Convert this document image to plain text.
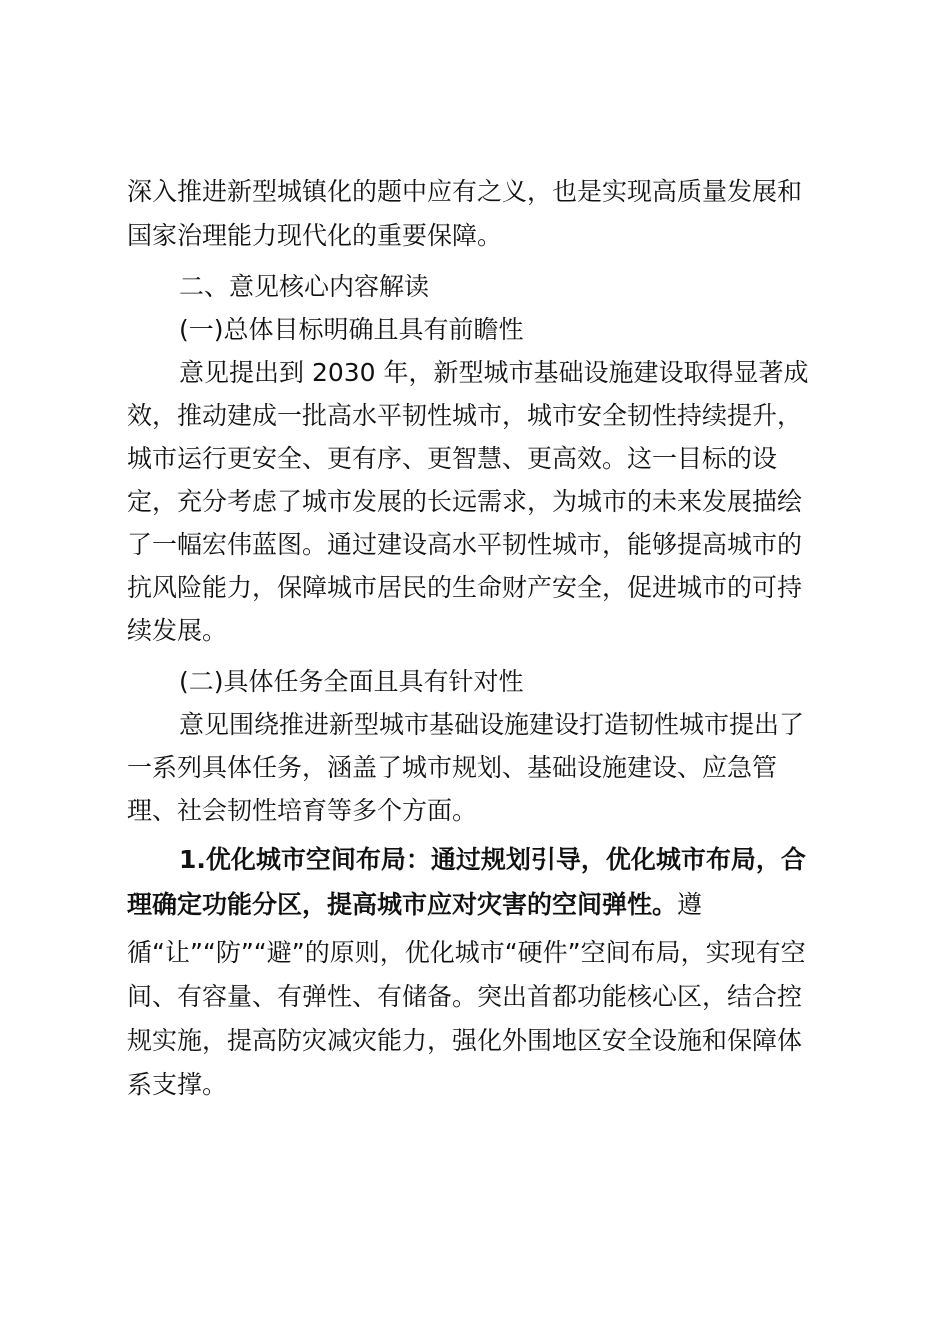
深入推进新型城镇化的题中应有之义，也是实现高质量发展和
国家治理能力现代化的重要保障。
二、意见核心内容解读
(一)总体目标明确且具有前瞻性
意见提出到 2030 年，新型城市基础设施建设取得显著成
效，推动建成一批高水平韧性城市，城市安全韧性持续提升，
城市运行更安全、更有序、更智慧、更高效。这一目标的设
定，充分考虑了城市发展的长远需求，为城市的未来发展描绘
了一幅宏伟蓝图。通过建设高水平韧性城市，能够提高城市的
抗风险能力，保障城市居民的生命财产安全，促进城市的可持
续发展。
(二)具体任务全面且具有针对性
意见围绕推进新型城市基础设施建设打造韧性城市提出了
一系列具体任务，涵盖了城市规划、基础设施建设、应急管
理、社会韧性培育等多个方面。
1.优化城市空间布局：通过规划引导，优化城市布局，合
理确定功能分区，提高城市应对灾害的空间弹性。遵
循“让”“防”“避”的原则，优化城市“硬件”空间布局，实现有空
间、有容量、有弹性、有储备。突出首都功能核心区，结合控
规实施，提高防灾减灾能力，强化外围地区安全设施和保障体
系支撑。
